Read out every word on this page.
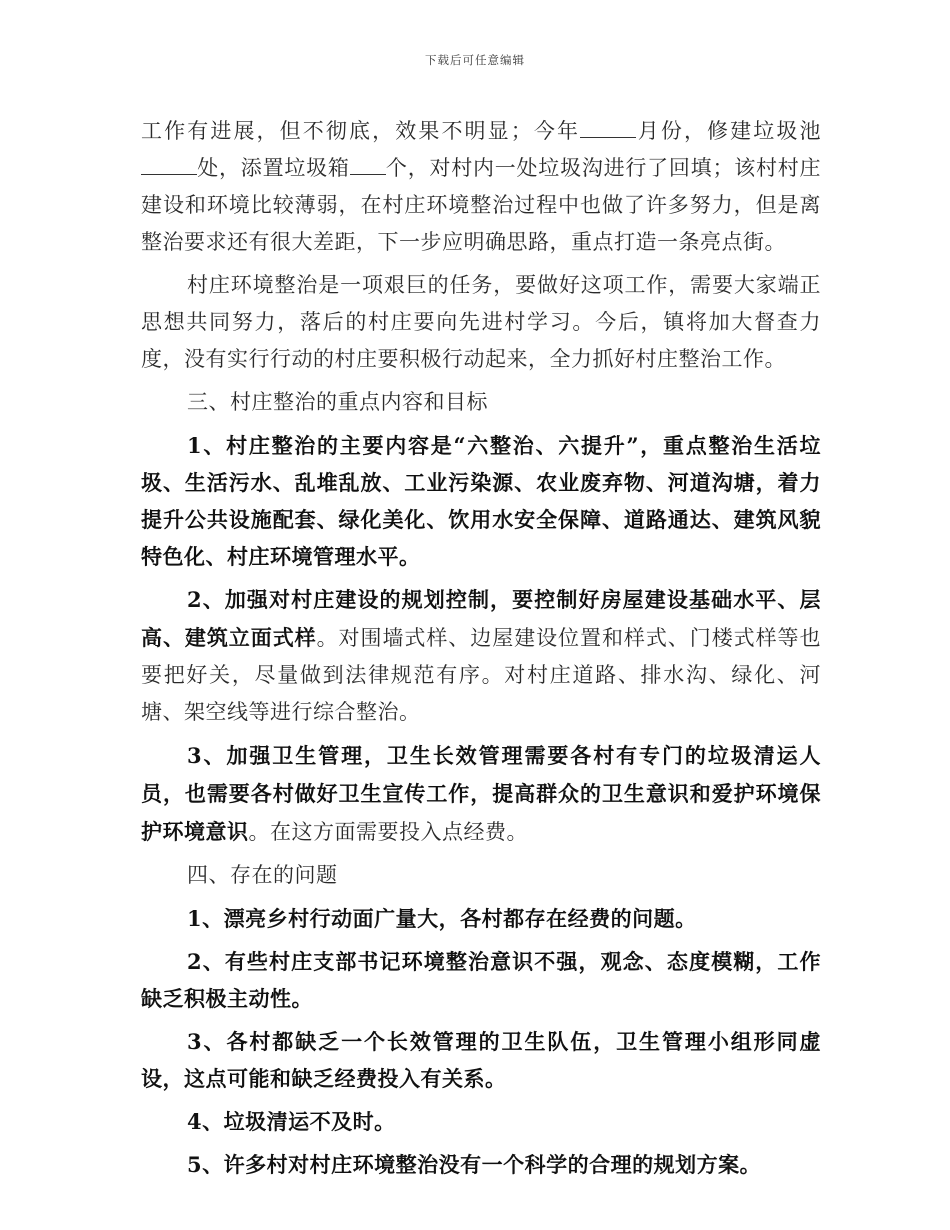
下载后可任意编辑

工作有进展，但不彻底，效果不明显；今年	月份，修建垃圾池处，添置垃圾箱 个，对村内一处垃圾沟进行了回填；该村村庄建设和环境比较薄弱，在村庄环境整治过程中也做了许多努力，但是离整治要求还有很大差距，下一步应明确思路，重点打造一条亮点街。

村庄环境整治是一项艰巨的任务，要做好这项工作，需要大家端正思想共同努力，落后的村庄要向先进村学习。今后，镇将加大督查力度，没有实行行动的村庄要积极行动起来，全力抓好村庄整治工作。

三、村庄整治的重点内容和目标

1、村庄整治的主要内容是“六整治、六提升”，重点整治生活垃圾、生活污水、乱堆乱放、工业污染源、农业废弃物、河道沟塘，着力提升公共设施配套、绿化美化、饮用水安全保障、道路通达、建筑风貌特色化、村庄环境管理水平。

2、加强对村庄建设的规划控制，要控制好房屋建设基础水平、层高、建筑立面式样。对围墙式样、边屋建设位置和样式、门楼式样等也要把好关，尽量做到法律规范有序。对村庄道路、排水沟、绿化、河塘、架空线等进行综合整治。

3、加强卫生管理，卫生长效管理需要各村有专门的垃圾清运人员，也需要各村做好卫生宣传工作，提高群众的卫生意识和爱护环境保护环境意识。在这方面需要投入点经费。

四、存在的问题

1、漂亮乡村行动面广量大，各村都存在经费的问题。

2、有些村庄支部书记环境整治意识不强，观念、态度模糊，工作缺乏积极主动性。

3、各村都缺乏一个长效管理的卫生队伍，卫生管理小组形同虚设，这点可能和缺乏经费投入有关系。

4、垃圾清运不及时。

5、许多村对村庄环境整治没有一个科学的合理的规划方案。
